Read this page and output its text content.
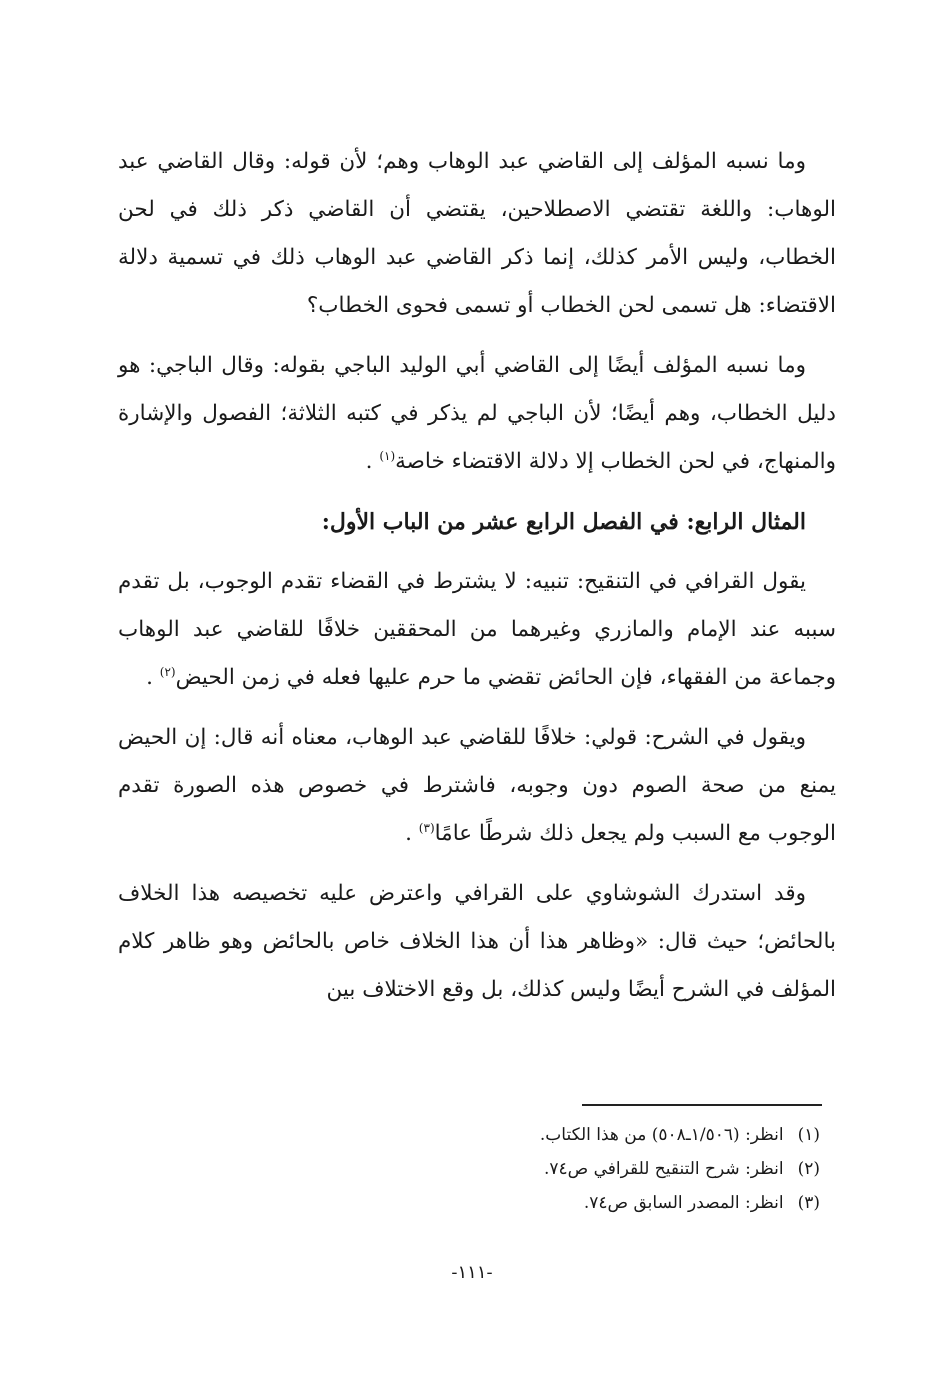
وما نسبه المؤلف إلى القاضي عبد الوهاب وهم؛ لأن قوله: وقال القاضي عبد الوهاب: واللغة تقتضي الاصطلاحين، يقتضي أن القاضي ذكر ذلك في لحن الخطاب، وليس الأمر كذلك، إنما ذكر القاضي عبد الوهاب ذلك في تسمية دلالة الاقتضاء: هل تسمى لحن الخطاب أو تسمى فحوى الخطاب؟

وما نسبه المؤلف أيضًا إلى القاضي أبي الوليد الباجي بقوله: وقال الباجي: هو دليل الخطاب، وهم أيضًا؛ لأن الباجي لم يذكر في كتبه الثلاثة؛ الفصول والإشارة والمنهاج، في لحن الخطاب إلا دلالة الاقتضاء خاصة$^{(١)}$ .

المثال الرابع: في الفصل الرابع عشر من الباب الأول:

يقول القرافي في التنقيح: تنبيه: لا يشترط في القضاء تقدم الوجوب، بل تقدم سببه عند الإمام والمازري وغيرهما من المحققين خلافًا للقاضي عبد الوهاب وجماعة من الفقهاء، فإن الحائض تقضي ما حرم عليها فعله في زمن الحيض$^{(٢)}$ .

ويقول في الشرح: قولي: خلافًا للقاضي عبد الوهاب، معناه أنه قال: إن الحيض يمنع من صحة الصوم دون وجوبه، فاشترط في خصوص هذه الصورة تقدم الوجوب مع السبب ولم يجعل ذلك شرطًا عامًا$^{(٣)}$ .

وقد استدرك الشوشاوي على القرافي واعترض عليه تخصيصه هذا الخلاف بالحائض؛ حيث قال: «وظاهر هذا أن هذا الخلاف خاص بالحائض وهو ظاهر كلام المؤلف في الشرح أيضًا وليس كذلك، بل وقع الاختلاف بين

(١)انظر: (١/٥٠٦ـ٥٠٨) من هذا الكتاب.
(٢)انظر: شرح التنقيح للقرافي ص٧٤.
(٣)انظر: المصدر السابق ص٧٤.
-١١١-
